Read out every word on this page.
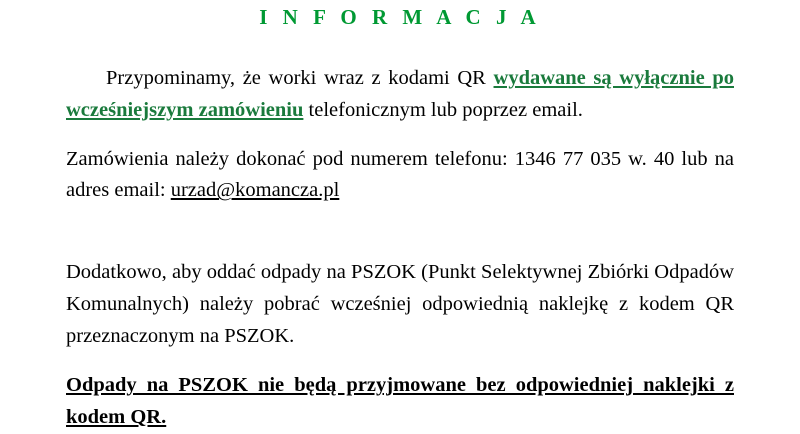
I N F O R M A C J A

Przypominamy, że worki wraz z kodami QR wydawane są wyłącznie po wcześniejszym zamówieniu telefonicznym lub poprzez email.

Zamówienia należy dokonać pod numerem telefonu: 1346 77 035 w. 40 lub na adres email: urzad@komancza.pl

Dodatkowo, aby oddać odpady na PSZOK (Punkt Selektywnej Zbiórki Odpadów Komunalnych) należy pobrać wcześniej odpowiednią naklejkę z kodem QR przeznaczonym na PSZOK.

Odpady na PSZOK nie będą przyjmowane bez odpowiedniej naklejki z kodem QR.
